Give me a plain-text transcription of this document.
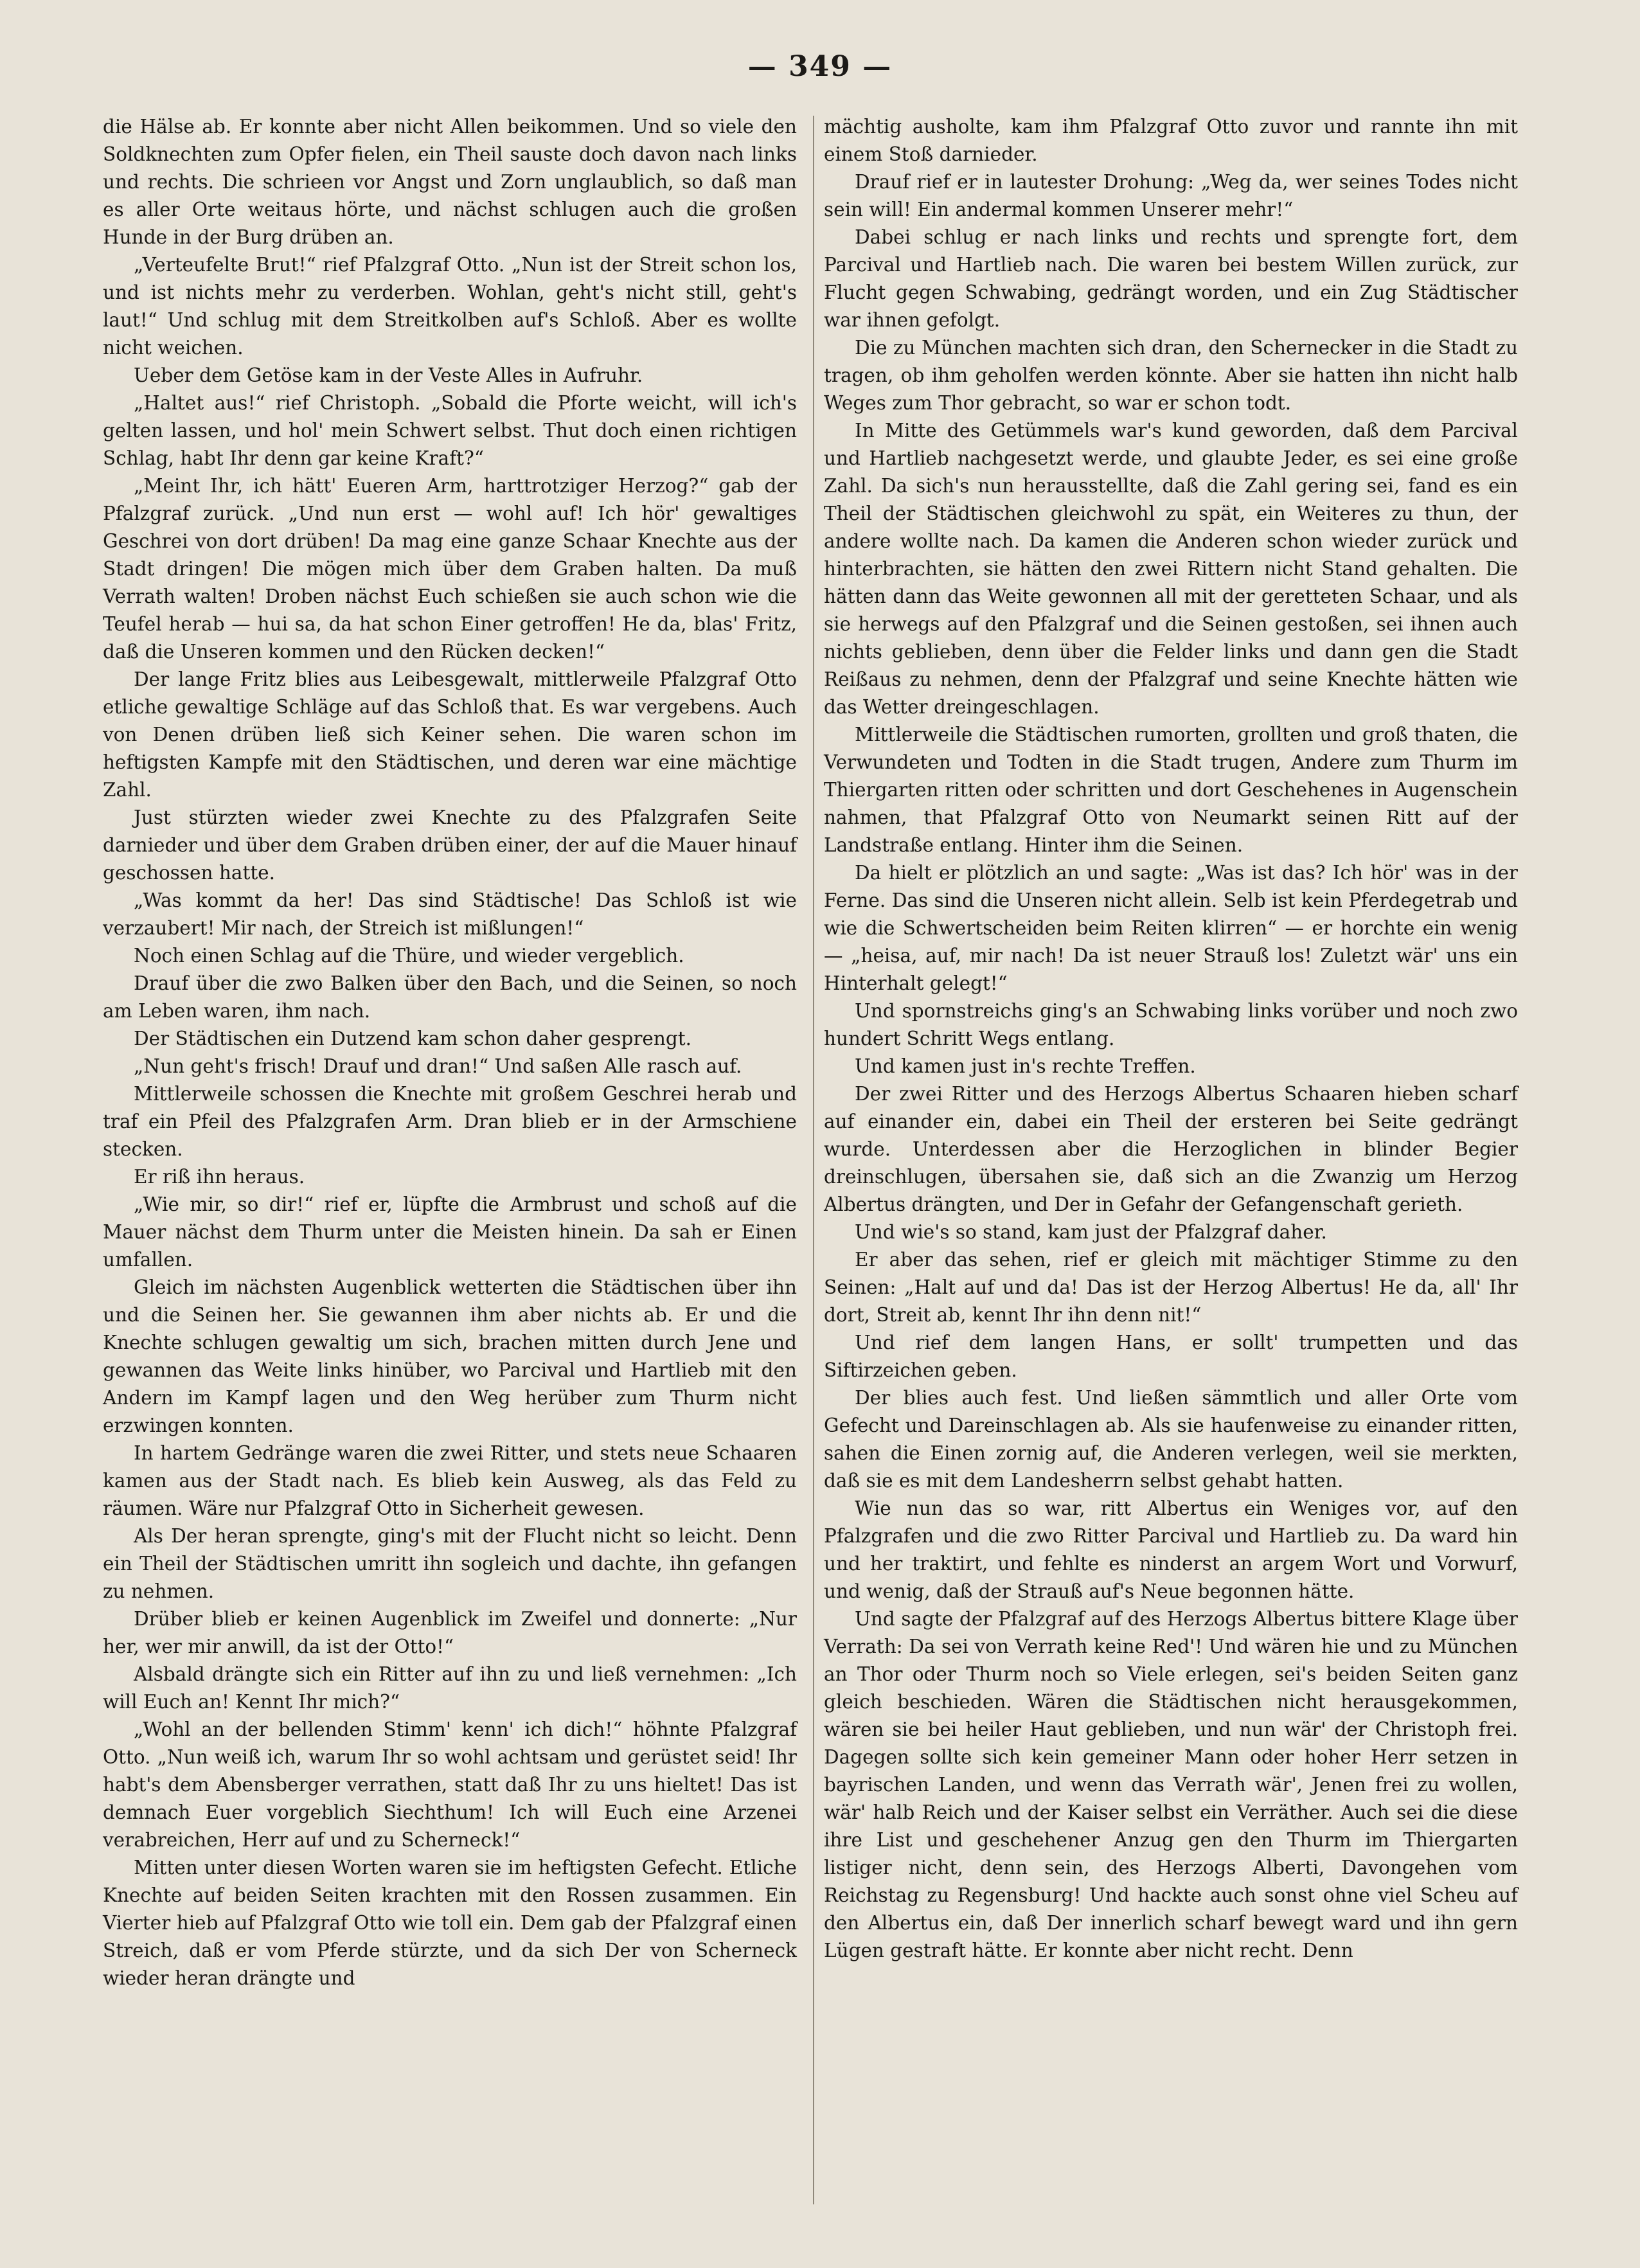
— 349 —

die Hälse ab. Er konnte aber nicht Allen beikommen. Und so viele den Soldknechten zum Opfer fielen, ein Theil sauste doch davon nach links und rechts. Die schrieen vor Angst und Zorn unglaublich, so daß man es aller Orte weitaus hörte, und nächst schlugen auch die großen Hunde in der Burg drüben an.

„Verteufelte Brut!“ rief Pfalzgraf Otto. „Nun ist der Streit schon los, und ist nichts mehr zu verderben. Wohlan, geht's nicht still, geht's laut!“ Und schlug mit dem Streitkolben auf's Schloß. Aber es wollte nicht weichen.

Ueber dem Getöse kam in der Veste Alles in Aufruhr.

„Haltet aus!“ rief Christoph. „Sobald die Pforte weicht, will ich's gelten lassen, und hol' mein Schwert selbst. Thut doch einen richtigen Schlag, habt Ihr denn gar keine Kraft?“

„Meint Ihr, ich hätt' Eueren Arm, harttrotziger Herzog?“ gab der Pfalzgraf zurück. „Und nun erst — wohl auf! Ich hör' gewaltiges Geschrei von dort drüben! Da mag eine ganze Schaar Knechte aus der Stadt dringen! Die mögen mich über dem Graben halten. Da muß Verrath walten! Droben nächst Euch schießen sie auch schon wie die Teufel herab — hui sa, da hat schon Einer getroffen! He da, blas' Fritz, daß die Unseren kommen und den Rücken decken!“

Der lange Fritz blies aus Leibesgewalt, mittlerweile Pfalzgraf Otto etliche gewaltige Schläge auf das Schloß that. Es war vergebens. Auch von Denen drüben ließ sich Keiner sehen. Die waren schon im heftigsten Kampfe mit den Städtischen, und deren war eine mächtige Zahl.

Just stürzten wieder zwei Knechte zu des Pfalzgrafen Seite darnieder und über dem Graben drüben einer, der auf die Mauer hinauf geschossen hatte.

„Was kommt da her! Das sind Städtische! Das Schloß ist wie verzaubert! Mir nach, der Streich ist mißlungen!“

Noch einen Schlag auf die Thüre, und wieder vergeblich.

Drauf über die zwo Balken über den Bach, und die Seinen, so noch am Leben waren, ihm nach.

Der Städtischen ein Dutzend kam schon daher gesprengt.

„Nun geht's frisch! Drauf und dran!“ Und saßen Alle rasch auf.

Mittlerweile schossen die Knechte mit großem Geschrei herab und traf ein Pfeil des Pfalzgrafen Arm. Dran blieb er in der Armschiene stecken.

Er riß ihn heraus.

„Wie mir, so dir!“ rief er, lüpfte die Armbrust und schoß auf die Mauer nächst dem Thurm unter die Meisten hinein. Da sah er Einen umfallen.

Gleich im nächsten Augenblick wetterten die Städtischen über ihn und die Seinen her. Sie gewannen ihm aber nichts ab. Er und die Knechte schlugen gewaltig um sich, brachen mitten durch Jene und gewannen das Weite links hinüber, wo Parcival und Hartlieb mit den Andern im Kampf lagen und den Weg herüber zum Thurm nicht erzwingen konnten.

In hartem Gedränge waren die zwei Ritter, und stets neue Schaaren kamen aus der Stadt nach. Es blieb kein Ausweg, als das Feld zu räumen. Wäre nur Pfalzgraf Otto in Sicherheit gewesen.

Als Der heran sprengte, ging's mit der Flucht nicht so leicht. Denn ein Theil der Städtischen umritt ihn sogleich und dachte, ihn gefangen zu nehmen.

Drüber blieb er keinen Augenblick im Zweifel und donnerte: „Nur her, wer mir anwill, da ist der Otto!“

Alsbald drängte sich ein Ritter auf ihn zu und ließ vernehmen: „Ich will Euch an! Kennt Ihr mich?“

„Wohl an der bellenden Stimm' kenn' ich dich!“ höhnte Pfalzgraf Otto. „Nun weiß ich, warum Ihr so wohl achtsam und gerüstet seid! Ihr habt's dem Abensberger verrathen, statt daß Ihr zu uns hieltet! Das ist demnach Euer vorgeblich Siechthum! Ich will Euch eine Arzenei verabreichen, Herr auf und zu Scherneck!“

Mitten unter diesen Worten waren sie im heftigsten Gefecht. Etliche Knechte auf beiden Seiten krachten mit den Rossen zusammen. Ein Vierter hieb auf Pfalzgraf Otto wie toll ein. Dem gab der Pfalzgraf einen Streich, daß er vom Pferde stürzte, und da sich Der von Scherneck wieder heran drängte und

mächtig ausholte, kam ihm Pfalzgraf Otto zuvor und rannte ihn mit einem Stoß darnieder.

Drauf rief er in lautester Drohung: „Weg da, wer seines Todes nicht sein will! Ein andermal kommen Unserer mehr!“

Dabei schlug er nach links und rechts und sprengte fort, dem Parcival und Hartlieb nach. Die waren bei bestem Willen zurück, zur Flucht gegen Schwabing, gedrängt worden, und ein Zug Städtischer war ihnen gefolgt.

Die zu München machten sich dran, den Schernecker in die Stadt zu tragen, ob ihm geholfen werden könnte. Aber sie hatten ihn nicht halb Weges zum Thor gebracht, so war er schon todt.

In Mitte des Getümmels war's kund geworden, daß dem Parcival und Hartlieb nachgesetzt werde, und glaubte Jeder, es sei eine große Zahl. Da sich's nun herausstellte, daß die Zahl gering sei, fand es ein Theil der Städtischen gleichwohl zu spät, ein Weiteres zu thun, der andere wollte nach. Da kamen die Anderen schon wieder zurück und hinterbrachten, sie hätten den zwei Rittern nicht Stand gehalten. Die hätten dann das Weite gewonnen all mit der geretteten Schaar, und als sie herwegs auf den Pfalzgraf und die Seinen gestoßen, sei ihnen auch nichts geblieben, denn über die Felder links und dann gen die Stadt Reißaus zu nehmen, denn der Pfalzgraf und seine Knechte hätten wie das Wetter dreingeschlagen.

Mittlerweile die Städtischen rumorten, grollten und groß thaten, die Verwundeten und Todten in die Stadt trugen, Andere zum Thurm im Thiergarten ritten oder schritten und dort Geschehenes in Augenschein nahmen, that Pfalzgraf Otto von Neumarkt seinen Ritt auf der Landstraße entlang. Hinter ihm die Seinen.

Da hielt er plötzlich an und sagte: „Was ist das? Ich hör' was in der Ferne. Das sind die Unseren nicht allein. Selb ist kein Pferdegetrab und wie die Schwertscheiden beim Reiten klirren“ — er horchte ein wenig — „heisa, auf, mir nach! Da ist neuer Strauß los! Zuletzt wär' uns ein Hinterhalt gelegt!“

Und spornstreichs ging's an Schwabing links vorüber und noch zwo hundert Schritt Wegs entlang.

Und kamen just in's rechte Treffen.

Der zwei Ritter und des Herzogs Albertus Schaaren hieben scharf auf einander ein, dabei ein Theil der ersteren bei Seite gedrängt wurde. Unterdessen aber die Herzoglichen in blinder Begier dreinschlugen, übersahen sie, daß sich an die Zwanzig um Herzog Albertus drängten, und Der in Gefahr der Gefangenschaft gerieth.

Und wie's so stand, kam just der Pfalzgraf daher.

Er aber das sehen, rief er gleich mit mächtiger Stimme zu den Seinen: „Halt auf und da! Das ist der Herzog Albertus! He da, all' Ihr dort, Streit ab, kennt Ihr ihn denn nit!“

Und rief dem langen Hans, er sollt' trumpetten und das Siftirzeichen geben.

Der blies auch fest. Und ließen sämmtlich und aller Orte vom Gefecht und Dareinschlagen ab. Als sie haufenweise zu einander ritten, sahen die Einen zornig auf, die Anderen verlegen, weil sie merkten, daß sie es mit dem Landesherrn selbst gehabt hatten.

Wie nun das so war, ritt Albertus ein Weniges vor, auf den Pfalzgrafen und die zwo Ritter Parcival und Hartlieb zu. Da ward hin und her traktirt, und fehlte es ninderst an argem Wort und Vorwurf, und wenig, daß der Strauß auf's Neue begonnen hätte.

Und sagte der Pfalzgraf auf des Herzogs Albertus bittere Klage über Verrath: Da sei von Verrath keine Red'! Und wären hie und zu München an Thor oder Thurm noch so Viele erlegen, sei's beiden Seiten ganz gleich beschieden. Wären die Städtischen nicht herausgekommen, wären sie bei heiler Haut geblieben, und nun wär' der Christoph frei. Dagegen sollte sich kein gemeiner Mann oder hoher Herr setzen in bayrischen Landen, und wenn das Verrath wär', Jenen frei zu wollen, wär' halb Reich und der Kaiser selbst ein Verräther. Auch sei die diese ihre List und geschehener Anzug gen den Thurm im Thiergarten listiger nicht, denn sein, des Herzogs Alberti, Davongehen vom Reichstag zu Regensburg! Und hackte auch sonst ohne viel Scheu auf den Albertus ein, daß Der innerlich scharf bewegt ward und ihn gern Lügen gestraft hätte. Er konnte aber nicht recht. Denn
